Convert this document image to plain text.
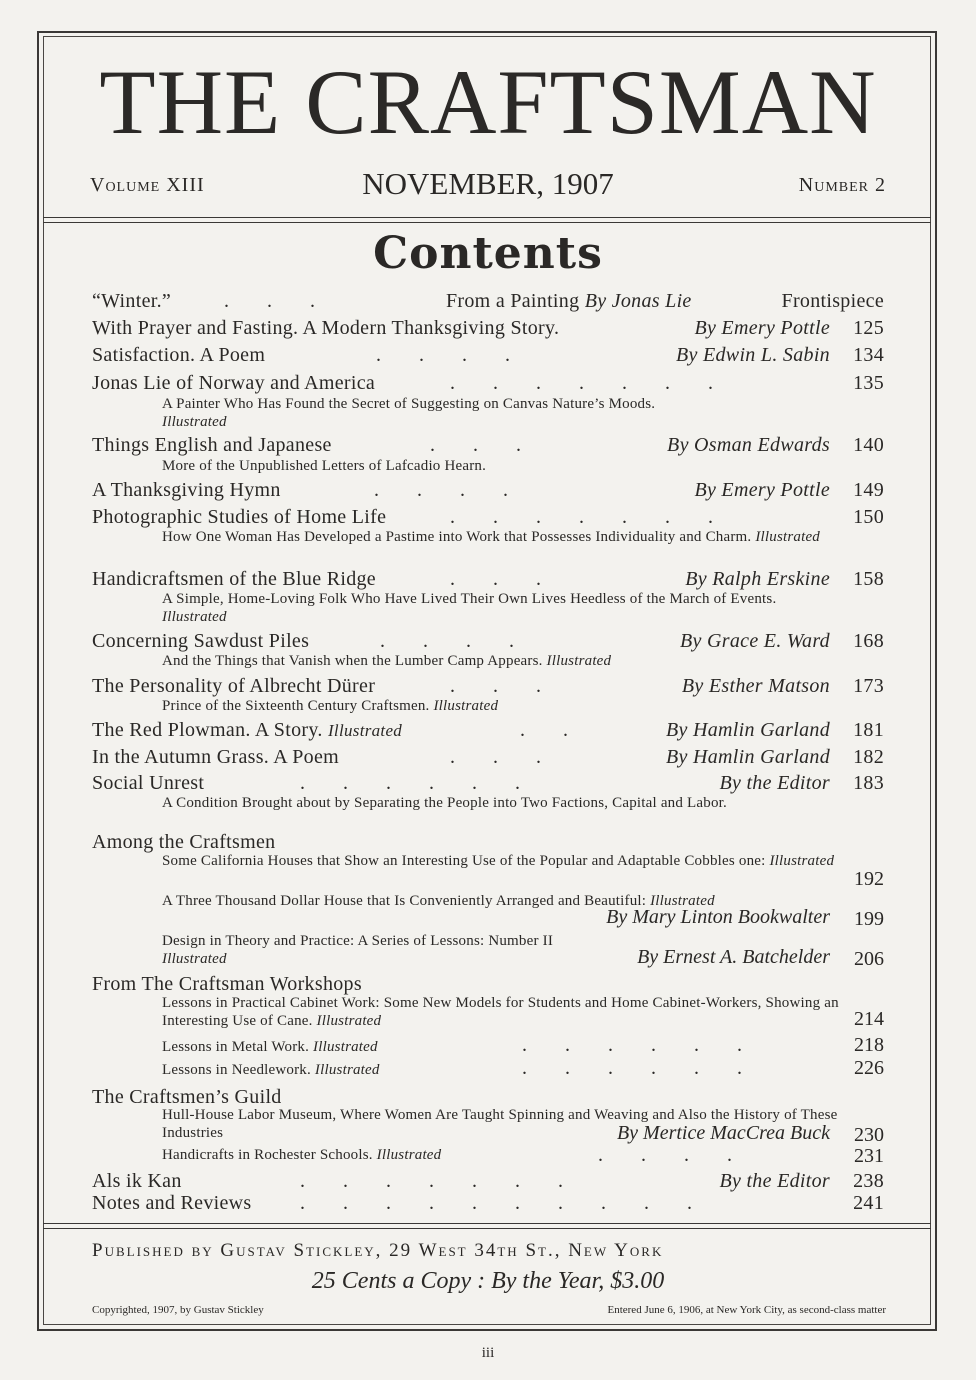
THE CRAFTSMAN
Volume XIII	NOVEMBER, 1907	Number 2
Contents
“Winter.”	...	From a Painting By Jonas Lie	Frontispiece
With Prayer and Fasting. A Modern Thanksgiving Story.	By Emery Pottle 125
Satisfaction. A Poem	....	By Edwin L. Sabin 134
Jonas Lie of Norway and America	.......	135
A Painter Who Has Found the Secret of Suggesting on Canvas Nature’s Moods.
Illustrated
Things English and Japanese	...	By Osman Edwards 140
More of the Unpublished Letters of Lafcadio Hearn.
A Thanksgiving Hymn	....	By Emery Pottle 149
Photographic Studies of Home Life	.......	150
How One Woman Has Developed a Pastime into Work that Possesses Individuality and Charm. Illustrated
Handicraftsmen of the Blue Ridge	...	By Ralph Erskine 158
A Simple, Home-Loving Folk Who Have Lived Their Own Lives Heedless of the March of Events. Illustrated
Concerning Sawdust Piles	....	By Grace E. Ward 168
And the Things that Vanish when the Lumber Camp Appears. Illustrated
The Personality of Albrecht Dürer	...	By Esther Matson 173
Prince of the Sixteenth Century Craftsmen. Illustrated
The Red Plowman. A Story. Illustrated	..	By Hamlin Garland 181
In the Autumn Grass. A Poem	...	By Hamlin Garland 182
Social Unrest	......	By the Editor 183
A Condition Brought about by Separating the People into Two Factions, Capital and Labor.
Among the Craftsmen
Some California Houses that Show an Interesting Use of the Popular and Adaptable Cobbles one: Illustrated
192
A Three Thousand Dollar House that Is Conveniently Arranged and Beautiful: Illustrated
By Mary Linton Bookwalter 199
Design in Theory and Practice: A Series of Lessons: Number II
Illustrated	By Ernest A. Batchelder 206
From The Craftsman Workshops
Lessons in Practical Cabinet Work: Some New Models for Students and Home Cabinet-Workers, Showing an Interesting Use of Cane. Illustrated	214
Lessons in Metal Work. Illustrated	......	218
Lessons in Needlework. Illustrated	......	226
The Craftsmen’s Guild
Hull-House Labor Museum, Where Women Are Taught Spinning and Weaving and Also the History of These Industries	By Mertice MacCrea Buck 230
Handicrafts in Rochester Schools. Illustrated	....	231
Als ik Kan	.......	By the Editor 238
Notes and Reviews ..........	241
Published by Gustav Stickley, 29 West 34th St., New York
25 Cents a Copy : By the Year, $3.00
Copyrighted, 1907, by Gustav Stickley	Entered June 6, 1906, at New York City, as second-class matter
iii
